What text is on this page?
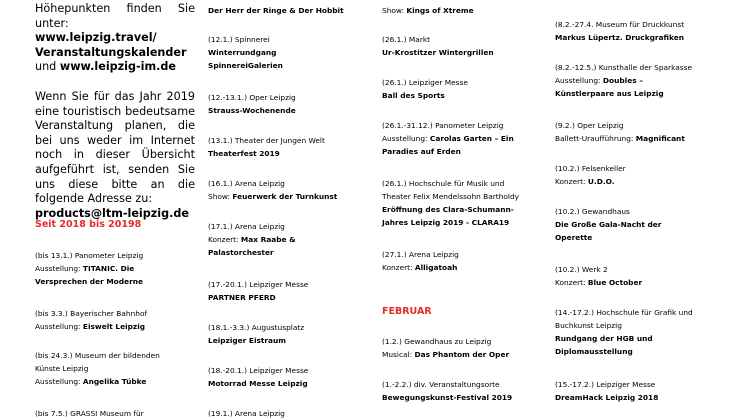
Höhepunkten finden Sie unter:

www.leipzig.travel/

Veranstaltungskalender

und www.leipzig-im.de

Wenn Sie für das Jahr 2019 eine touristisch bedeutsame Veranstaltung planen, die bei uns weder im Internet noch in dieser Übersicht aufgeführt ist, senden Sie uns diese bitte an die folgende Adresse zu:

products@ltm-leipzig.de

Seit 2018 bis 20198
(bis 13.1.) Panometer Leipzig
Ausstellung: TITANIC. Die
Versprechen der Moderne
(bis 3.3.) Bayerischer Bahnhof
Ausstellung: Eiswelt Leipzig
(bis 24.3.) Museum der bildenden
Künste Leipzig
Ausstellung: Angelika Tübke
(bis 7.5.) GRASSI Museum für
Der Herr der Ringe & Der Hobbit
(12.1.) Spinnerei
Winterrundgang
SpinnereiGalerien
(12.-13.1.) Oper Leipzig
Strauss-Wochenende
(13.1.) Theater der Jungen Welt
Theaterfest 2019
(16.1.) Arena Leipzig
Show: Feuerwerk der Turnkunst
(17.1.) Arena Leipzig
Konzert: Max Raabe &
Palastorchester
(17.-20.1.) Leipziger Messe
PARTNER PFERD
(18.1.-3.3.) Augustusplatz
Leipziger Eistraum
(18.-20.1.) Leipziger Messe
Motorrad Messe Leipzig
(19.1.) Arena Leipzig
Show: Kings of Xtreme
(26.1.) Markt
Ur-Krostitzer Wintergrillen
(26.1.) Leipziger Messe
Ball des Sports
(26.1.-31.12.) Panometer Leipzig
Ausstellung: Carolas Garten – Ein
Paradies auf Erden
(26.1.) Hochschule für Musik und
Theater Felix Mendelssohn Bartholdy
Eröffnung des Clara-Schumann-
Jahres Leipzig 2019 - CLARA19
(27.1.) Arena Leipzig
Konzert: Alligatoah
FEBRUAR
(1.2.) Gewandhaus zu Leipzig
Musical: Das Phantom der Oper
(1.-2.2.) div. Veranstaltungsorte
Bewegungskunst-Festival 2019
(8.2.-27.4. Museum für Druckkunst
Markus Lüpertz. Druckgrafiken
(8.2.-12.5.) Kunsthalle der Sparkasse
Ausstellung: Doubles –
Künstlerpaare aus Leipzig
(9.2.) Oper Leipzig
Ballett-Uraufführung: Magnificant
(10.2.) Felsenkeller
Konzert: U.D.O.
(10.2.) Gewandhaus
Die Große Gala-Nacht der
Operette
(10.2.) Werk 2
Konzert: Blue October
(14.-17.2.) Hochschule für Grafik und
Buchkunst Leipzig
Rundgang der HGB und
Diplomausstellung
(15.-17.2.) Leipziger Messe
DreamHack Leipzig 2018
